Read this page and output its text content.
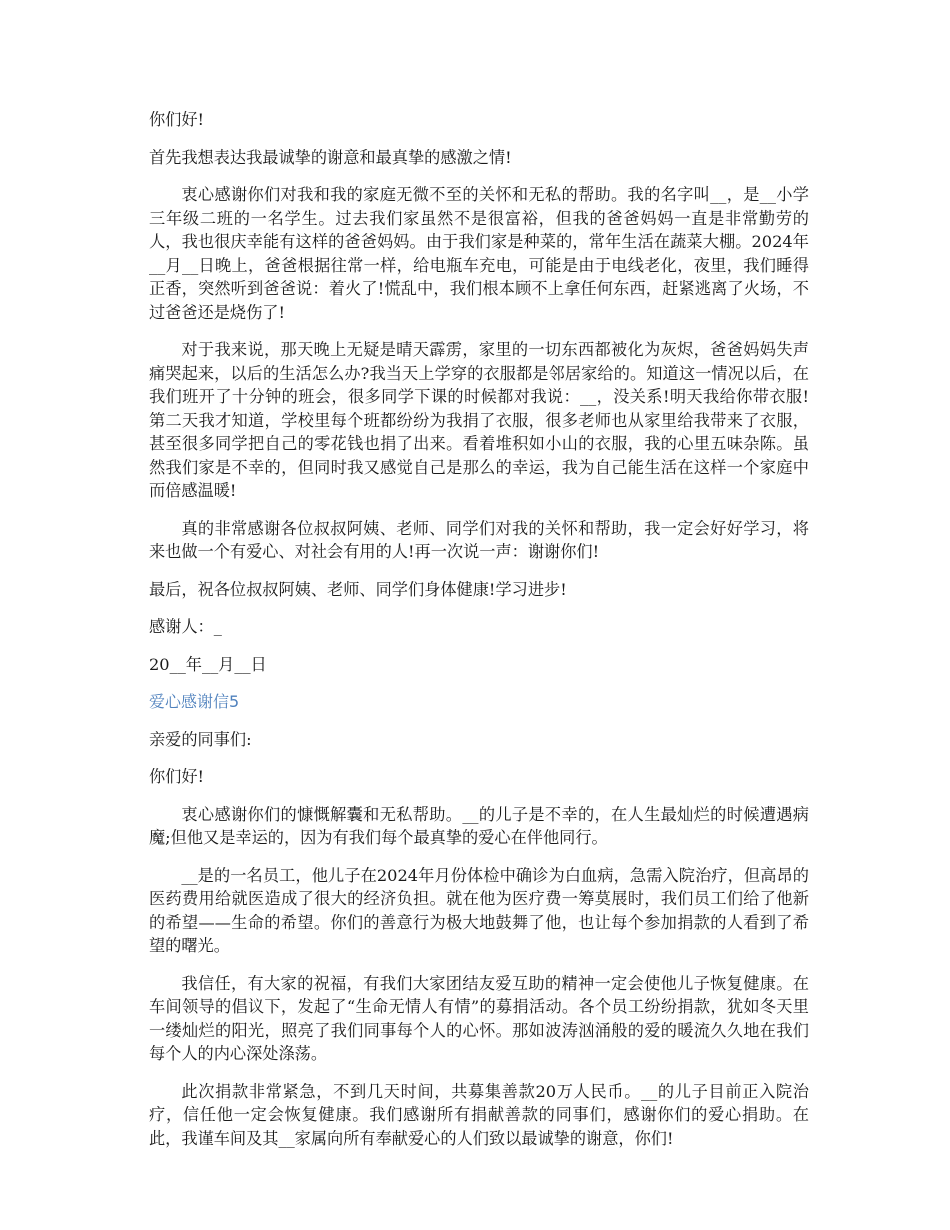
你们好!

首先我想表达我最诚挚的谢意和最真挚的感激之情!

衷心感谢你们对我和我的家庭无微不至的关怀和无私的帮助。我的名字叫__，是__小学三年级二班的一名学生。过去我们家虽然不是很富裕，但我的爸爸妈妈一直是非常勤劳的人，我也很庆幸能有这样的爸爸妈妈。由于我们家是种菜的，常年生活在蔬菜大棚。2024年__月__日晚上，爸爸根据往常一样，给电瓶车充电，可能是由于电线老化，夜里，我们睡得正香，突然听到爸爸说：着火了!慌乱中，我们根本顾不上拿任何东西，赶紧逃离了火场，不过爸爸还是烧伤了!

对于我来说，那天晚上无疑是晴天霹雳，家里的一切东西都被化为灰烬，爸爸妈妈失声痛哭起来，以后的生活怎么办?我当天上学穿的衣服都是邻居家给的。知道这一情况以后，在我们班开了十分钟的班会，很多同学下课的时候都对我说：__，没关系!明天我给你带衣服!第二天我才知道，学校里每个班都纷纷为我捐了衣服，很多老师也从家里给我带来了衣服，甚至很多同学把自己的零花钱也捐了出来。看着堆积如小山的衣服，我的心里五味杂陈。虽然我们家是不幸的，但同时我又感觉自己是那么的幸运，我为自己能生活在这样一个家庭中而倍感温暖!

真的非常感谢各位叔叔阿姨、老师、同学们对我的关怀和帮助，我一定会好好学习，将来也做一个有爱心、对社会有用的人!再一次说一声：谢谢你们!

最后，祝各位叔叔阿姨、老师、同学们身体健康!学习进步!

感谢人：_

20__年__月__日

爱心感谢信5

亲爱的同事们:

你们好!

衷心感谢你们的慷慨解囊和无私帮助。__的儿子是不幸的，在人生最灿烂的时候遭遇病魔;但他又是幸运的，因为有我们每个最真挚的爱心在伴他同行。

__是的一名员工，他儿子在2024年月份体检中确诊为白血病，急需入院治疗，但高昂的医药费用给就医造成了很大的经济负担。就在他为医疗费一筹莫展时，我们员工们给了他新的希望——生命的希望。你们的善意行为极大地鼓舞了他，也让每个参加捐款的人看到了希望的曙光。

我信任，有大家的祝福，有我们大家团结友爱互助的精神一定会使他儿子恢复健康。在车间领导的倡议下，发起了“生命无情人有情”的募捐活动。各个员工纷纷捐款，犹如冬天里一缕灿烂的阳光，照亮了我们同事每个人的心怀。那如波涛汹涌般的爱的暖流久久地在我们每个人的内心深处涤荡。

此次捐款非常紧急，不到几天时间，共募集善款20万人民币。__的儿子目前正入院治疗，信任他一定会恢复健康。我们感谢所有捐献善款的同事们，感谢你们的爱心捐助。在此，我谨车间及其__家属向所有奉献爱心的人们致以最诚挚的谢意，你们!
